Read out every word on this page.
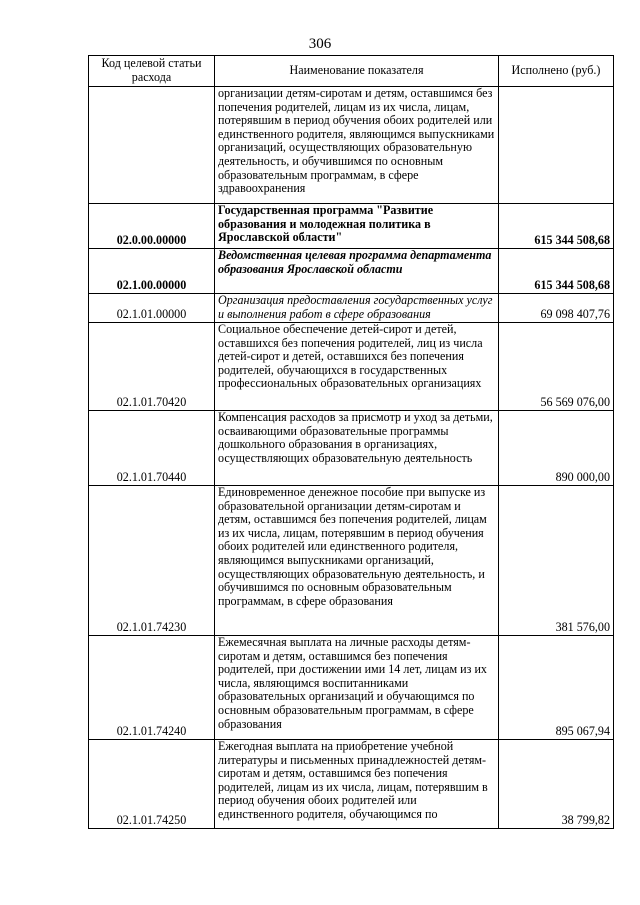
306
Код целевой статьи расхода	Наименование показателя	Исполнено (руб.)
	организации детям-сиротам и детям, оставшимся без попечения родителей, лицам из их числа, лицам, потерявшим в период обучения обоих родителей или единственного родителя, являющимся выпускниками организаций, осуществляющих образовательную деятельность, и обучившимся по основным образовательным программам, в сфере здравоохранения	
02.0.00.00000	Государственная программа "Развитие образования и молодежная политика в Ярославской области"	615 344 508,68
02.1.00.00000	Ведомственная целевая программа департамента образования Ярославской области	615 344 508,68
02.1.01.00000	Организация предоставления государственных услуг и выполнения работ в сфере образования	69 098 407,76
02.1.01.70420	Социальное обеспечение детей-сирот и детей, оставшихся без попечения родителей, лиц из числа детей-сирот и детей, оставшихся без попечения родителей, обучающихся в государственных профессиональных образовательных организациях	56 569 076,00
02.1.01.70440	Компенсация расходов за присмотр и уход за детьми, осваивающими образовательные программы дошкольного образования в организациях, осуществляющих образовательную деятельность	890 000,00
02.1.01.74230	Единовременное денежное пособие при выпуске из образовательной организации детям-сиротам и детям, оставшимся без попечения родителей, лицам из их числа, лицам, потерявшим в период обучения обоих родителей или единственного родителя, являющимся выпускниками организаций, осуществляющих образовательную деятельность, и обучившимся по основным образовательным программам, в сфере образования	381 576,00
02.1.01.74240	Ежемесячная выплата на личные расходы детям-сиротам и детям, оставшимся без попечения родителей, при достижении ими 14 лет, лицам из их числа, являющимся воспитанниками образовательных организаций и обучающимся по основным образовательным программам, в сфере образования	895 067,94
02.1.01.74250	Ежегодная выплата на приобретение учебной литературы и письменных принадлежностей детям-сиротам и детям, оставшимся без попечения родителей, лицам из их числа, лицам, потерявшим в период обучения обоих родителей или единственного родителя, обучающимся по	38 799,82
